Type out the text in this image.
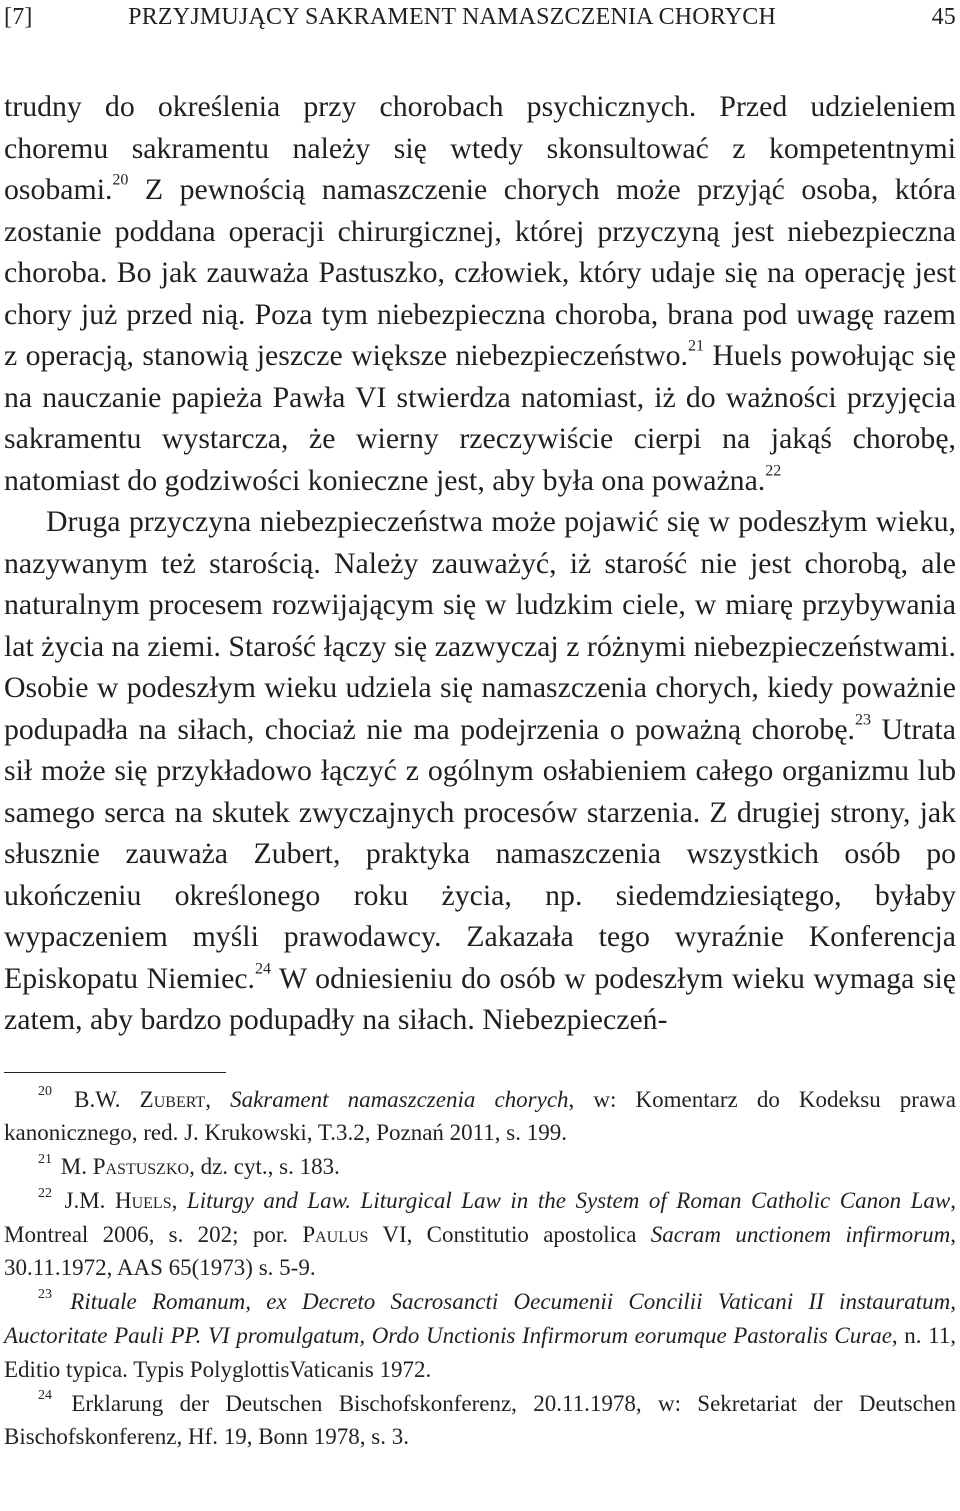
[7]	PRZYJMUJĄCY SAKRAMENT NAMASZCZENIA CHORYCH	45

trudny do określenia przy chorobach psychicznych. Przed udzieleniem choremu sakramentu należy się wtedy skonsultować z kompetentnymi osobami.$^{20}$ Z pewnością namaszczenie chorych może przyjąć osoba, która zostanie poddana operacji chirurgicznej, której przyczyną jest niebezpieczna choroba. Bo jak zauważa Pastuszko, człowiek, który udaje się na operację jest chory już przed nią. Poza tym niebezpieczna choroba, brana pod uwagę razem z operacją, stanowią jeszcze większe niebezpieczeństwo.$^{21}$ Huels powołując się na nauczanie papieża Pawła VI stwierdza natomiast, iż do ważności przyjęcia sakramentu wystarcza, że wierny rzeczywiście cierpi na jakąś chorobę, natomiast do godziwości konieczne jest, aby była ona poważna.$^{22}$

Druga przyczyna niebezpieczeństwa może pojawić się w podeszłym wieku, nazywanym też starością. Należy zauważyć, iż starość nie jest chorobą, ale naturalnym procesem rozwijającym się w ludzkim ciele, w miarę przybywania lat życia na ziemi. Starość łączy się zazwyczaj z różnymi niebezpieczeństwami. Osobie w podeszłym wieku udziela się namaszczenia chorych, kiedy poważnie podupadła na siłach, chociaż nie ma podejrzenia o poważną chorobę.$^{23}$ Utrata sił może się przykładowo łączyć z ogólnym osłabieniem całego organizmu lub samego serca na skutek zwyczajnych procesów starzenia. Z drugiej strony, jak słusznie zauważa Zubert, praktyka namaszczenia wszystkich osób po ukończeniu określonego roku życia, np. siedemdziesiątego, byłaby wypaczeniem myśli prawodawcy. Zakazała tego wyraźnie Konferencja Episkopatu Niemiec.$^{24}$ W odniesieniu do osób w podeszłym wieku wymaga się zatem, aby bardzo podupadły na siłach. Niebezpieczeń-

$^{20}$ B.W. Zubert, Sakrament namaszczenia chorych, w: Komentarz do Kodeksu prawa kanonicznego, red. J. Krukowski, T.3.2, Poznań 2011, s. 199.

$^{21}$ M. Pastuszko, dz. cyt., s. 183.

$^{22}$ J.M. Huels, Liturgy and Law. Liturgical Law in the System of Roman Catholic Canon Law, Montreal 2006, s. 202; por. Paulus VI, Constitutio apostolica Sacram unctionem infirmorum, 30.11.1972, AAS 65(1973) s. 5-9.

$^{23}$ Rituale Romanum, ex Decreto Sacrosancti Oecumenii Concilii Vaticani II instauratum, Auctoritate Pauli PP. VI promulgatum, Ordo Unctionis Infirmorum eorumque Pastoralis Curae, n. 11, Editio typica. Typis PolyglottisVaticanis 1972.

$^{24}$ Erklarung der Deutschen Bischofskonferenz, 20.11.1978, w: Sekretariat der Deutschen Bischofskonferenz, Hf. 19, Bonn 1978, s. 3.
